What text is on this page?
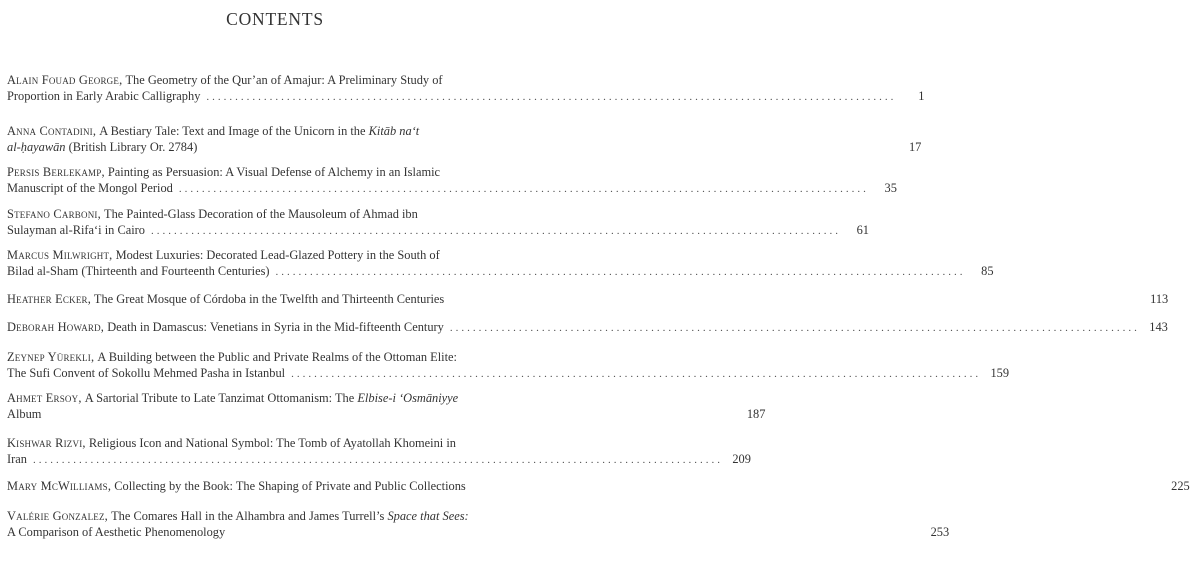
CONTENTS
Alain Fouad George,
The Geometry of the Qur’an of Amajur: A Preliminary Study of
Proportion in Early Arabic Calligraphy ........................................................................................................................	1
Anna Contadini,
A Bestiary Tale: Text and Image of the Unicorn in the
Kitāb na‘t
al-ḥayawān (British Library Or. 2784)	17
Persis Berlekamp,
Painting as Persuasion: A Visual Defense of Alchemy in an Islamic
Manuscript of the Mongol Period ........................................................................................................................	35
Stefano Carboni,
The Painted-Glass Decoration of the Mausoleum of Ahmad ibn
Sulayman al-Rifa‘i in Cairo ........................................................................................................................	61
Marcus Milwright,
Modest Luxuries: Decorated Lead-Glazed Pottery in the South of
Bilad al-Sham (Thirteenth and Fourteenth Centuries) ........................................................................................................................	85
Heather Ecker, The Great Mosque of Córdoba in the Twelfth and Thirteenth Centuries	113
Deborah Howard, Death in Damascus: Venetians in Syria in the Mid-fifteenth Century ........................................................................................................................ 143
Zeynep Yürekli,
A Building between the Public and Private Realms of the Ottoman Elite:
The Sufi Convent of Sokollu Mehmed Pasha in Istanbul ........................................................................................................................ 159
Ahmet Ersoy,
A Sartorial Tribute to Late Tanzimat Ottomanism: The
Elbise-i ‘Osmāniyye
Album	187
Kishwar Rizvi,
Religious Icon and National Symbol: The Tomb of Ayatollah Khomeini in
Iran ........................................................................................................................ 209
Mary McWilliams, Collecting by the Book: The Shaping of Private and Public Collections	225
Valérie Gonzalez,
The Comares Hall in the Alhambra and James Turrell’s
Space that Sees:
A Comparison of Aesthetic Phenomenology	253
